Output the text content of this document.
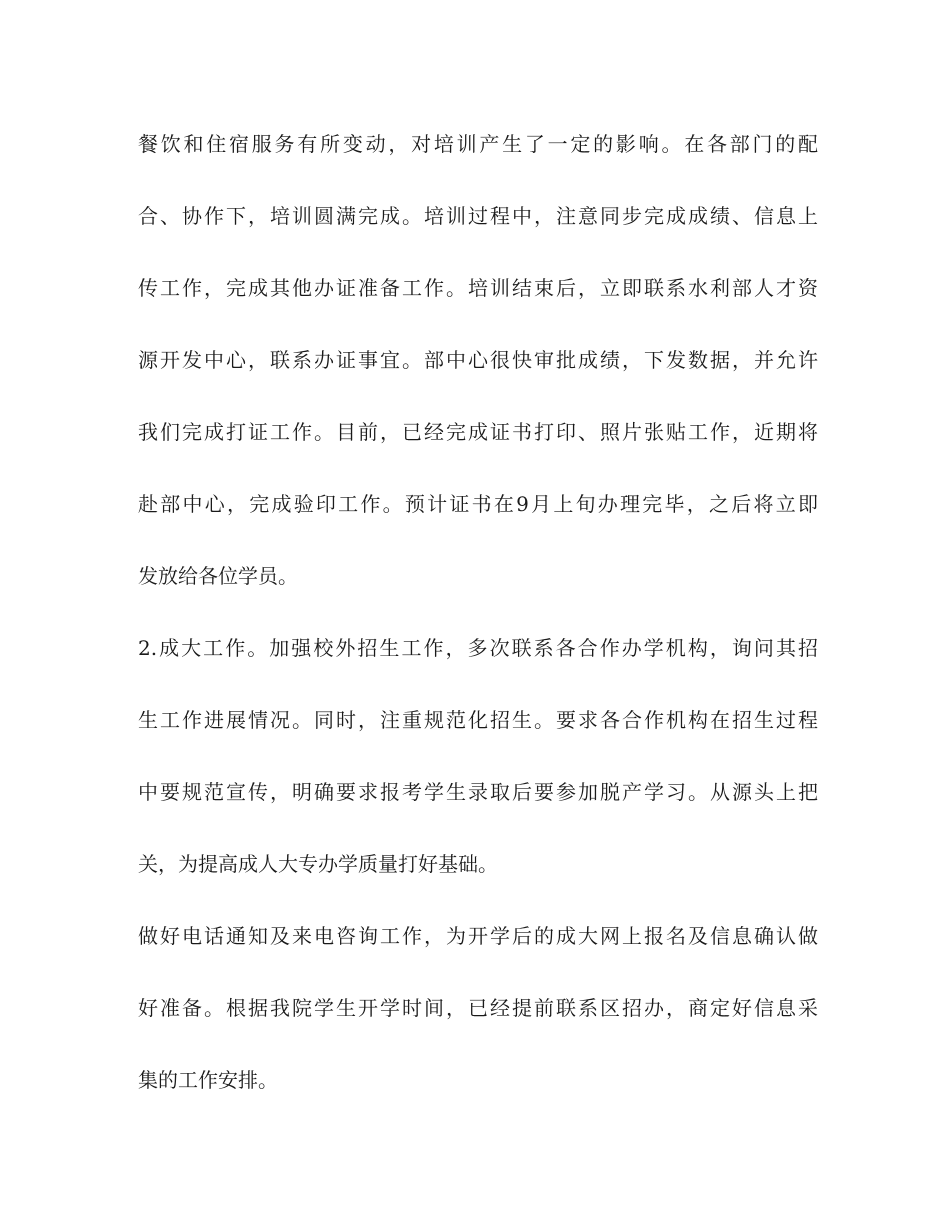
餐饮和住宿服务有所变动，对培训产生了一定的影响。在各部门的配
合、协作下，培训圆满完成。培训过程中，注意同步完成成绩、信息上
传工作，完成其他办证准备工作。培训结束后，立即联系水利部人才资
源开发中心，联系办证事宜。部中心很快审批成绩，下发数据，并允许
我们完成打证工作。目前，已经完成证书打印、照片张贴工作，近期将
赴部中心，完成验印工作。预计证书在9月上旬办理完毕，之后将立即
发放给各位学员。
2.成大工作。加强校外招生工作，多次联系各合作办学机构，询问其招
生工作进展情况。同时，注重规范化招生。要求各合作机构在招生过程
中要规范宣传，明确要求报考学生录取后要参加脱产学习。从源头上把
关，为提高成人大专办学质量打好基础。
做好电话通知及来电咨询工作，为开学后的成大网上报名及信息确认做
好准备。根据我院学生开学时间，已经提前联系区招办，商定好信息采
集的工作安排。
